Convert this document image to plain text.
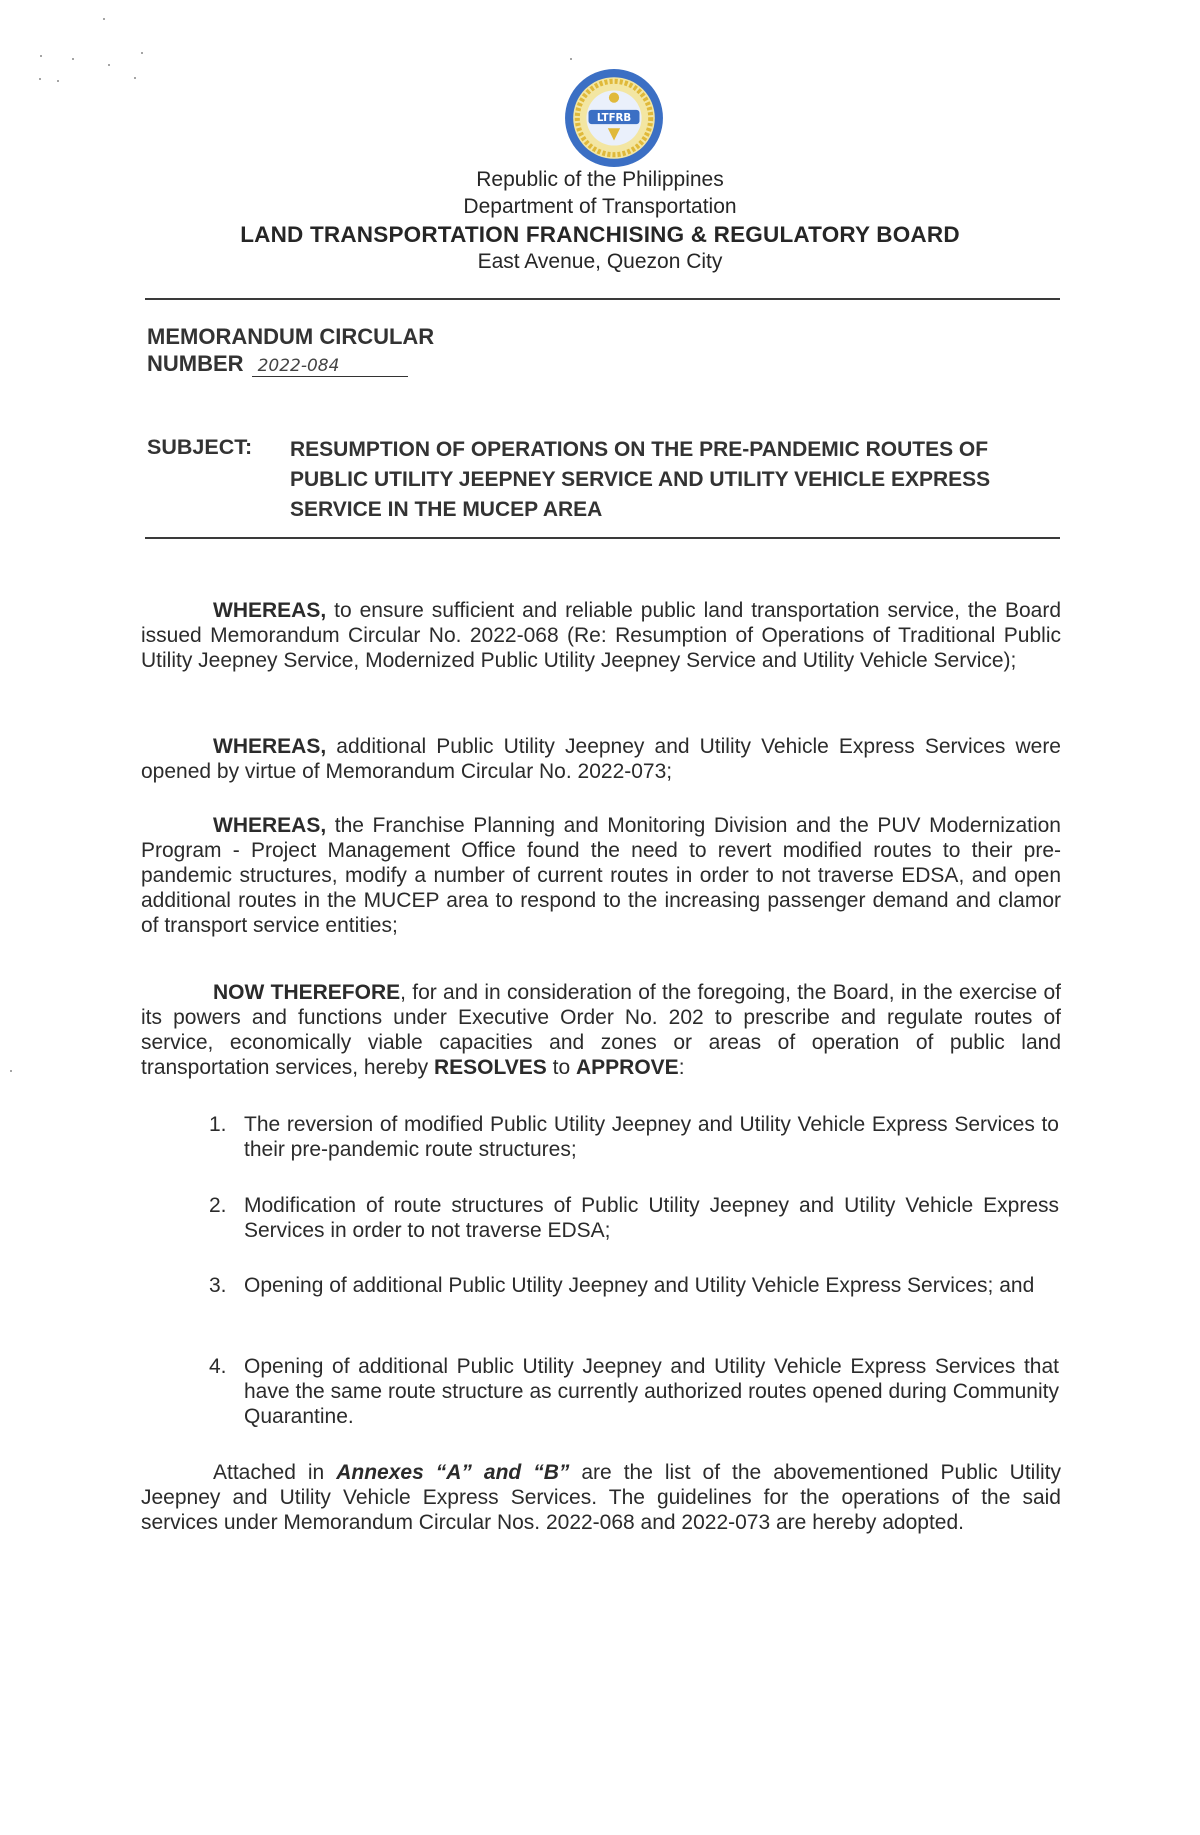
LTFRB
Republic of the Philippines
Department of Transportation
LAND TRANSPORTATION FRANCHISING & REGULATORY BOARD
East Avenue, Quezon City
MEMORANDUM CIRCULAR
NUMBER 2022-084
SUBJECT: RESUMPTION OF OPERATIONS ON THE PRE-PANDEMIC ROUTES OF PUBLIC UTILITY JEEPNEY SERVICE AND UTILITY VEHICLE EXPRESS SERVICE IN THE MUCEP AREA
WHEREAS, to ensure sufficient and reliable public land transportation service, the Board issued Memorandum Circular No. 2022-068 (Re: Resumption of Operations of Traditional Public Utility Jeepney Service, Modernized Public Utility Jeepney Service and Utility Vehicle Service);
WHEREAS, additional Public Utility Jeepney and Utility Vehicle Express Services were opened by virtue of Memorandum Circular No. 2022-073;
WHEREAS, the Franchise Planning and Monitoring Division and the PUV Modernization Program - Project Management Office found the need to revert modified routes to their pre-pandemic structures, modify a number of current routes in order to not traverse EDSA, and open additional routes in the MUCEP area to respond to the increasing passenger demand and clamor of transport service entities;
NOW THEREFORE, for and in consideration of the foregoing, the Board, in the exercise of its powers and functions under Executive Order No. 202 to prescribe and regulate routes of service, economically viable capacities and zones or areas of operation of public land transportation services, hereby RESOLVES to APPROVE:
1. The reversion of modified Public Utility Jeepney and Utility Vehicle Express Services to their pre-pandemic route structures;
2. Modification of route structures of Public Utility Jeepney and Utility Vehicle Express Services in order to not traverse EDSA;
3. Opening of additional Public Utility Jeepney and Utility Vehicle Express Services; and
4. Opening of additional Public Utility Jeepney and Utility Vehicle Express Services that have the same route structure as currently authorized routes opened during Community Quarantine.
Attached in Annexes “A” and “B” are the list of the abovementioned Public Utility Jeepney and Utility Vehicle Express Services. The guidelines for the operations of the said services under Memorandum Circular Nos. 2022-068 and 2022-073 are hereby adopted.
